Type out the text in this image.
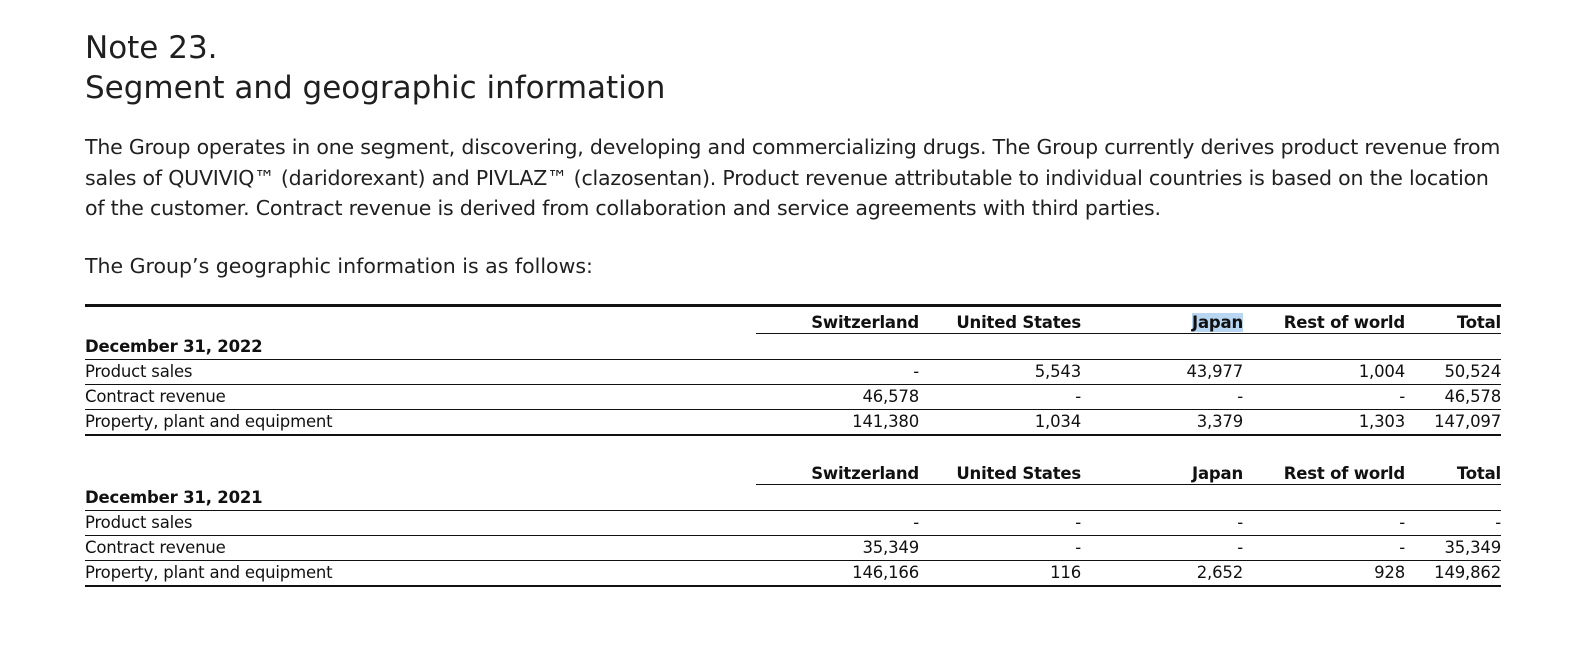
Note 23.
Segment and geographic information
The Group operates in one segment, discovering, developing and commercializing drugs. The Group currently derives product revenue from sales of QUVIVIQ™ (daridorexant) and PIVLAZ™ (clazosentan). Product revenue attributable to individual countries is based on the location of the customer. Contract revenue is derived from collaboration and service agreements with third parties.
The Group’s geographic information is as follows:
Switzerland	United States	Japan	Rest of world	Total
December 31, 2022
Product sales	-	5,543	43,977	1,004	50,524
Contract revenue	46,578	-	-	-	46,578
Property, plant and equipment	141,380	1,034	3,379	1,303	147,097
Switzerland	United States	Japan	Rest of world	Total
December 31, 2021
Product sales	-	-	-	-	-
Contract revenue	35,349	-	-	-	35,349
Property, plant and equipment	146,166	116	2,652	928	149,862
